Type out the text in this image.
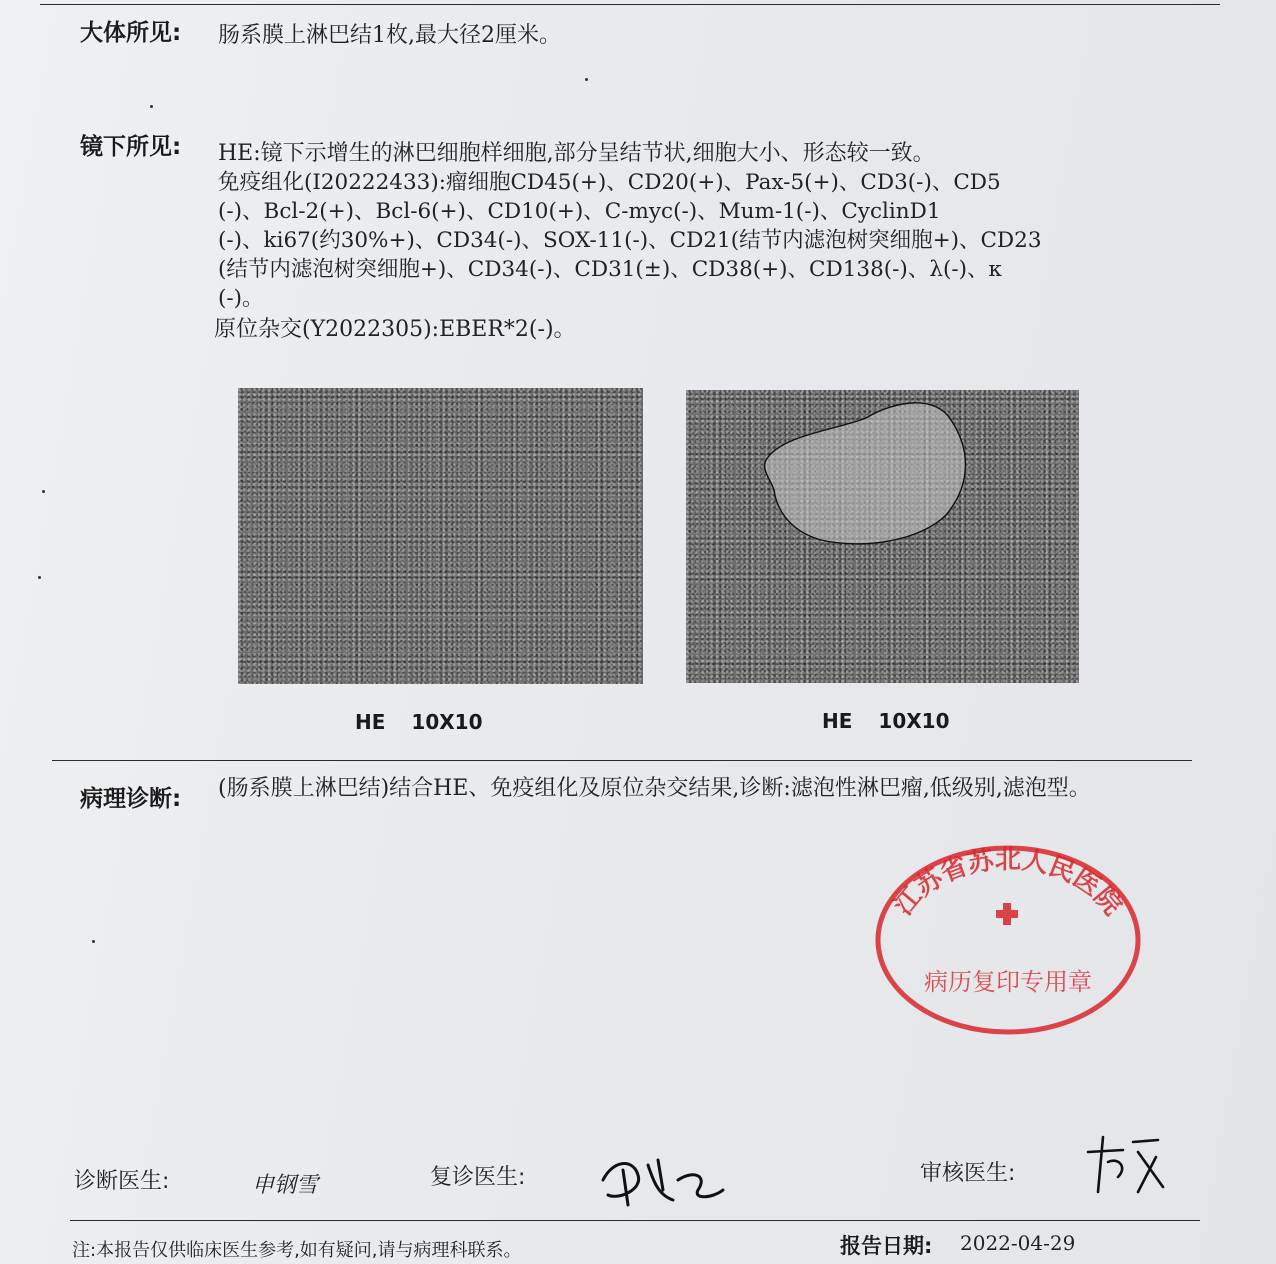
大体所见: 肠系膜上淋巴结1枚,最大径2厘米。
镜下所见: HE:镜下示增生的淋巴细胞样细胞,部分呈结节状,细胞大小、形态较一致。
免疫组化(I20222433):瘤细胞CD45(+)、CD20(+)、Pax-5(+)、CD3(-)、CD5
(-)、Bcl-2(+)、Bcl-6(+)、CD10(+)、C-myc(-)、Mum-1(-)、CyclinD1
(-)、ki67(约30%+)、CD34(-)、SOX-11(-)、CD21(结节内滤泡树突细胞+)、CD23
(结节内滤泡树突细胞+)、CD34(-)、CD31(±)、CD38(+)、CD138(-)、λ(-)、κ
(-)。
原位杂交(Y2022305):EBER*2(-)。
HE 10X10	HE 10X10
病理诊断: (肠系膜上淋巴结)结合HE、免疫组化及原位杂交结果,诊断:滤泡性淋巴瘤,低级别,滤泡型。
江苏省苏北人民医院
病历复印专用章
诊断医生:	申钢雪	复诊医生:	审核医生:
注:本报告仅供临床医生参考,如有疑问,请与病理科联系。	报告日期: 2022-04-29
